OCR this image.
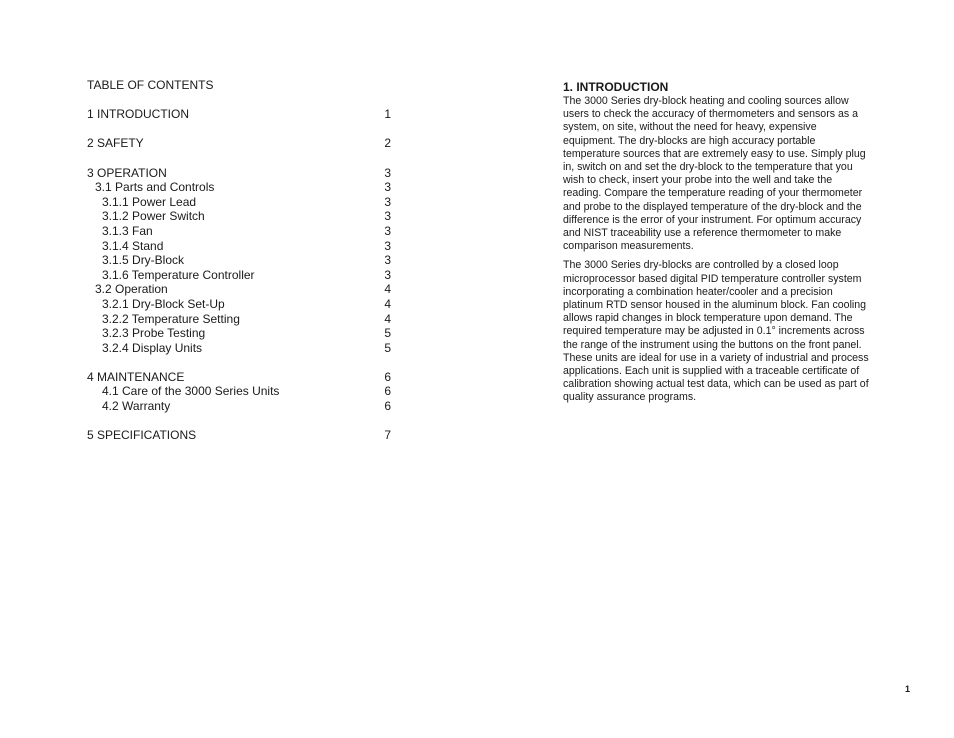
TABLE OF CONTENTS
1 INTRODUCTION	1
2 SAFETY	2
3 OPERATION	3
3.1 Parts and Controls	3
3.1.1 Power Lead	3
3.1.2 Power Switch	3
3.1.3 Fan	3
3.1.4 Stand	3
3.1.5 Dry-Block	3
3.1.6 Temperature Controller	3
3.2 Operation	4
3.2.1 Dry-Block Set-Up	4
3.2.2 Temperature Setting	4
3.2.3 Probe Testing	5
3.2.4 Display Units	5
4 MAINTENANCE	6
4.1 Care of the 3000 Series Units	6
4.2 Warranty	6
5 SPECIFICATIONS	7
1. INTRODUCTION

The 3000 Series dry-block heating and cooling sources allow users to check the accuracy of thermometers and sensors as a system, on site, without the need for heavy, expensive equipment. The dry-blocks are high accuracy portable temperature sources that are extremely easy to use. Simply plug in, switch on and set the dry-block to the temperature that you wish to check, insert your probe into the well and take the reading. Compare the temperature reading of your thermometer and probe to the displayed temperature of the dry-block and the difference is the error of your instrument. For optimum accuracy and NIST traceability use a reference thermometer to make comparison measurements.

The 3000 Series dry-blocks are controlled by a closed loop microprocessor based digital PID temperature controller system incorporating a combination heater/cooler and a precision platinum RTD sensor housed in the aluminum block. Fan cooling allows rapid changes in block temperature upon demand. The required temperature may be adjusted in 0.1° increments across the range of the instrument using the buttons on the front panel. These units are ideal for use in a variety of industrial and process applications. Each unit is supplied with a traceable certificate of calibration showing actual test data, which can be used as part of quality assurance programs.

1
